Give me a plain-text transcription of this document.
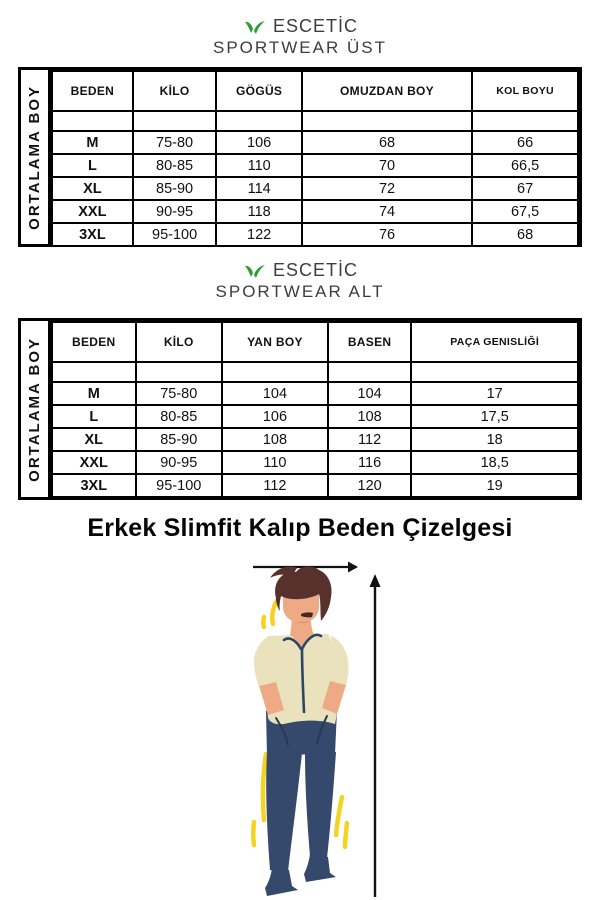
ESCETİC
SPORTWEAR ÜST
ORTALAMA BOY BEDEN	KİLO	GÖGÜS	OMUZDAN BOY	KOL BOYU

M	75-80	106	68	66
L	80-85	110	70	66,5
XL	85-90	114	72	67
XXL	90-95	118	74	67,5
3XL	95-100	122	76	68
ESCETİC
SPORTWEAR ALT
ORTALAMA BOY BEDEN	KİLO	YAN BOY	BASEN	PAÇA GENISLİĞİ

M	75-80	104	104	17
L	80-85	106	108	17,5
XL	85-90	108	112	18
XXL	90-95	110	116	18,5
3XL	95-100	112	120	19
Erkek Slimfit Kalıp Beden Çizelgesi
